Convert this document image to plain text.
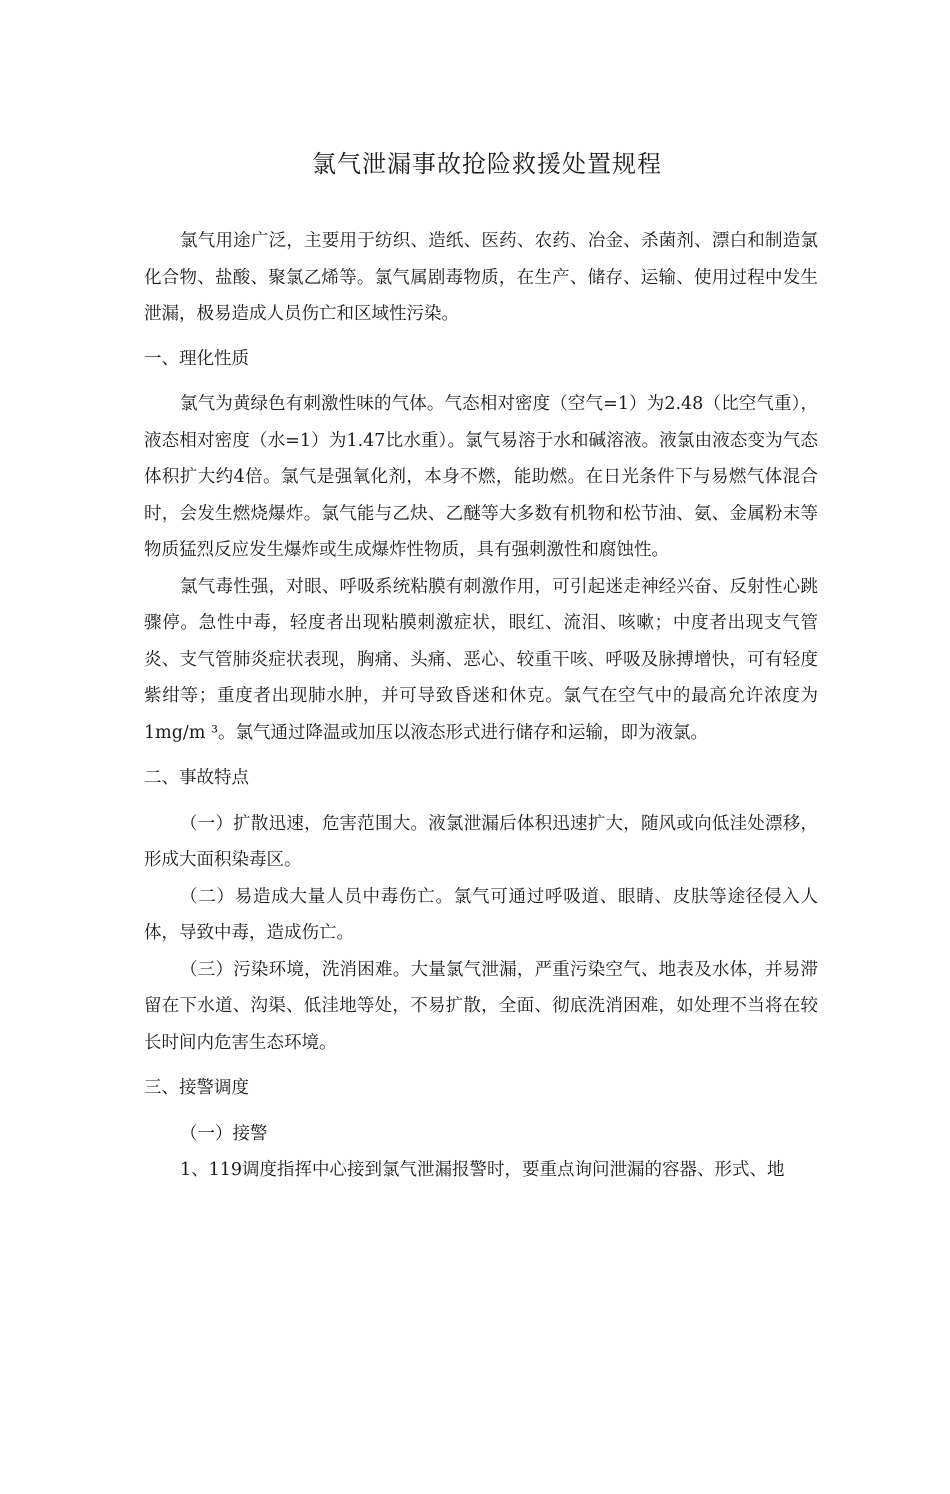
氯气泄漏事故抢险救援处置规程

氯气用途广泛，主要用于纺织、造纸、医药、农药、冶金、杀菌剂、漂白和制造氯化合物、盐酸、聚氯乙烯等。氯气属剧毒物质，在生产、储存、运输、使用过程中发生泄漏，极易造成人员伤亡和区域性污染。

一、理化性质

氯气为黄绿色有刺激性味的气体。气态相对密度（空气=1）为2.48（比空气重），液态相对密度（水=1）为1.47比水重）。氯气易溶于水和碱溶液。液氯由液态变为气态体积扩大约4倍。氯气是强氧化剂，本身不燃，能助燃。在日光条件下与易燃气体混合时，会发生燃烧爆炸。氯气能与乙炔、乙醚等大多数有机物和松节油、氨、金属粉末等物质猛烈反应发生爆炸或生成爆炸性物质，具有强刺激性和腐蚀性。

氯气毒性强，对眼、呼吸系统粘膜有刺激作用，可引起迷走神经兴奋、反射性心跳骤停。急性中毒，轻度者出现粘膜刺激症状，眼红、流泪、咳嗽；中度者出现支气管炎、支气管肺炎症状表现，胸痛、头痛、恶心、较重干咳、呼吸及脉搏增快，可有轻度紫绀等；重度者出现肺水肿，并可导致昏迷和休克。氯气在空气中的最高允许浓度为1mg/m ³。氯气通过降温或加压以液态形式进行储存和运输，即为液氯。

二、事故特点

（一）扩散迅速，危害范围大。液氯泄漏后体积迅速扩大，随风或向低洼处漂移，形成大面积染毒区。

（二）易造成大量人员中毒伤亡。氯气可通过呼吸道、眼睛、皮肤等途径侵入人体，导致中毒，造成伤亡。

（三）污染环境，洗消困难。大量氯气泄漏，严重污染空气、地表及水体，并易滞留在下水道、沟渠、低洼地等处，不易扩散，全面、彻底洗消困难，如处理不当将在较长时间内危害生态环境。

三、接警调度

（一）接警

1、119调度指挥中心接到氯气泄漏报警时，要重点询问泄漏的容器、形式、地
